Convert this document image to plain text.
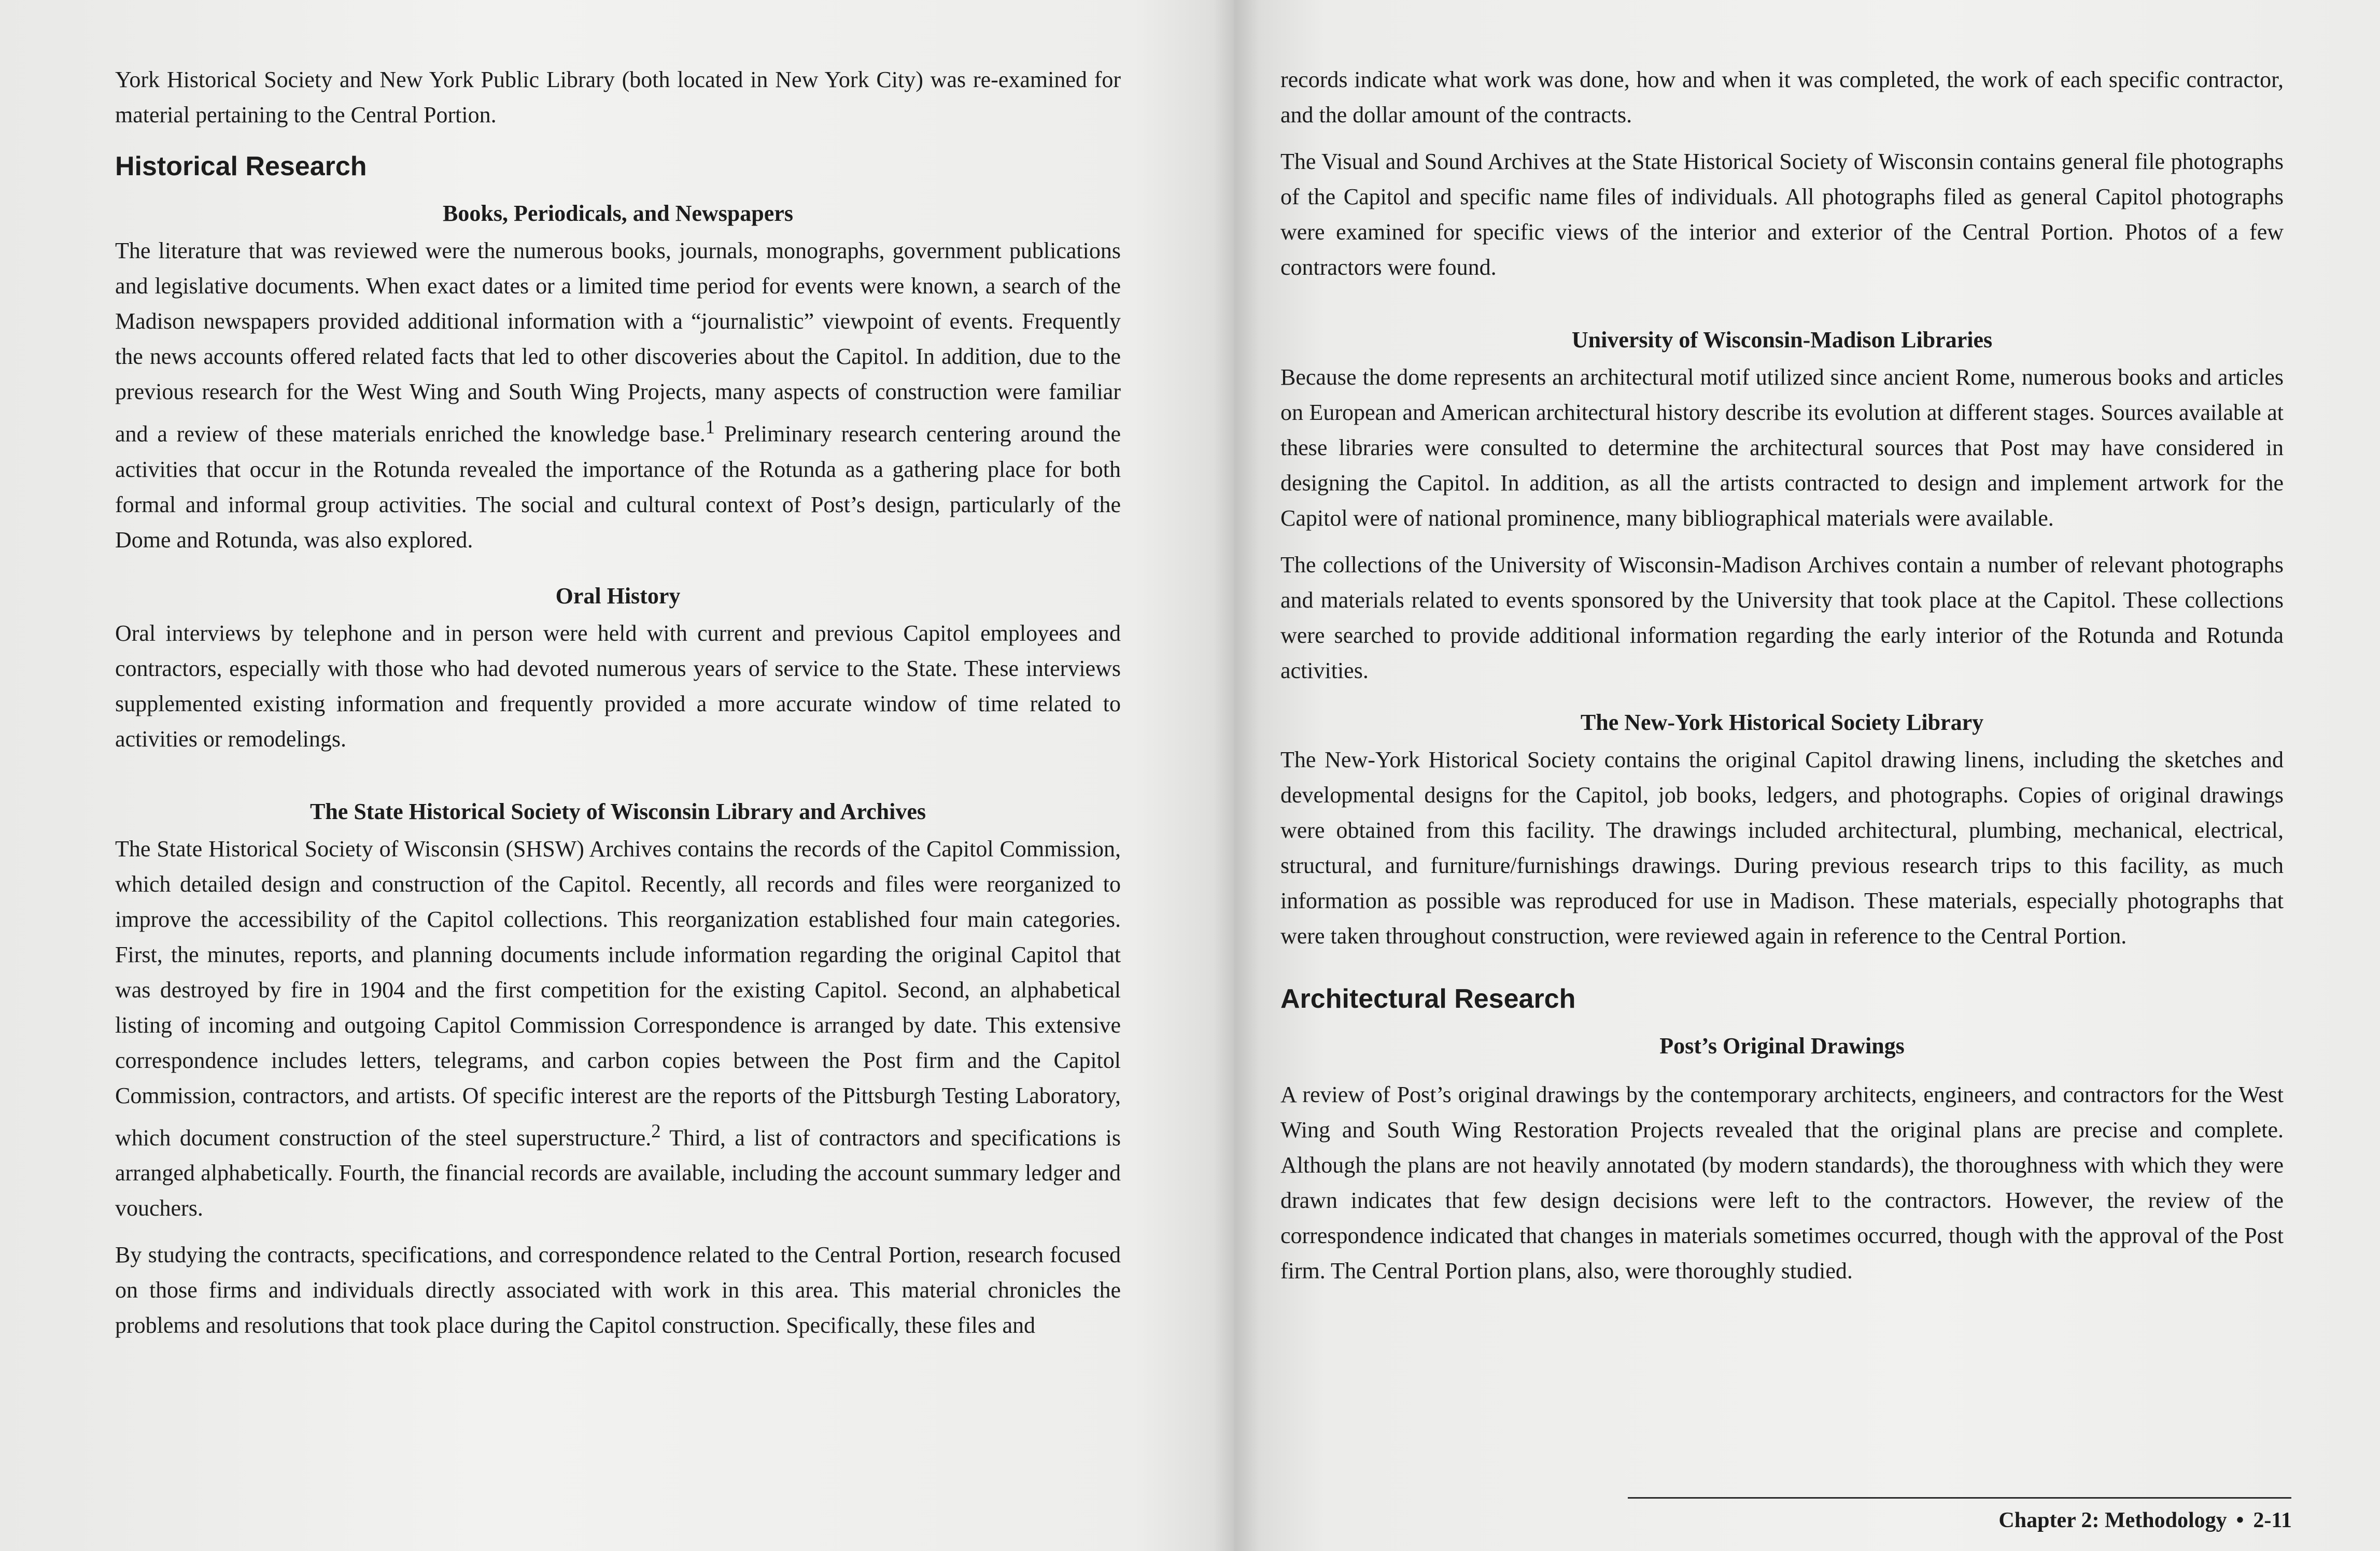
York Historical Society and New York Public Library (both located in New York City) was re-examined for material pertaining to the Central Portion.

Historical Research
Books, Periodicals, and Newspapers

The literature that was reviewed were the numerous books, journals, monographs, government publications and legislative documents. When exact dates or a limited time period for events were known, a search of the Madison newspapers provided additional information with a “journalistic” viewpoint of events. Frequently the news accounts offered related facts that led to other discoveries about the Capitol. In addition, due to the previous research for the West Wing and South Wing Projects, many aspects of construction were familiar and a review of these materials enriched the knowledge base.$^1$ Preliminary research centering around the activities that occur in the Rotunda revealed the importance of the Rotunda as a gathering place for both formal and informal group activities. The social and cultural context of Post’s design, particularly of the Dome and Rotunda, was also explored.

Oral History

Oral interviews by telephone and in person were held with current and previous Capitol employees and contractors, especially with those who had devoted numerous years of service to the State. These interviews supplemented existing information and frequently provided a more accurate window of time related to activities or remodelings.

The State Historical Society of Wisconsin Library and Archives

The State Historical Society of Wisconsin (SHSW) Archives contains the records of the Capitol Commission, which detailed design and construction of the Capitol. Recently, all records and files were reorganized to improve the accessibility of the Capitol collections. This reorganization established four main categories. First, the minutes, reports, and planning documents include information regarding the original Capitol that was destroyed by fire in 1904 and the first competition for the existing Capitol. Second, an alphabetical listing of incoming and outgoing Capitol Commission Correspondence is arranged by date. This extensive correspondence includes letters, telegrams, and carbon copies between the Post firm and the Capitol Commission, contractors, and artists. Of specific interest are the reports of the Pittsburgh Testing Laboratory, which document construction of the steel superstructure.$^2$ Third, a list of contractors and specifications is arranged alphabetically. Fourth, the financial records are available, including the account summary ledger and vouchers.

By studying the contracts, specifications, and correspondence related to the Central Portion, research focused on those firms and individuals directly associated with work in this area. This material chronicles the problems and resolutions that took place during the Capitol construction. Specifically, these files and

records indicate what work was done, how and when it was completed, the work of each specific contractor, and the dollar amount of the contracts.

The Visual and Sound Archives at the State Historical Society of Wisconsin contains general file photographs of the Capitol and specific name files of individuals. All photographs filed as general Capitol photographs were examined for specific views of the interior and exterior of the Central Portion. Photos of a few contractors were found.

University of Wisconsin-Madison Libraries

Because the dome represents an architectural motif utilized since ancient Rome, numerous books and articles on European and American architectural history describe its evolution at different stages. Sources available at these libraries were consulted to determine the architectural sources that Post may have considered in designing the Capitol. In addition, as all the artists contracted to design and implement artwork for the Capitol were of national prominence, many bibliographical materials were available.

The collections of the University of Wisconsin-Madison Archives contain a number of relevant photographs and materials related to events sponsored by the University that took place at the Capitol. These collections were searched to provide additional information regarding the early interior of the Rotunda and Rotunda activities.

The New-York Historical Society Library

The New-York Historical Society contains the original Capitol drawing linens, including the sketches and developmental designs for the Capitol, job books, ledgers, and photographs. Copies of original drawings were obtained from this facility. The drawings included architectural, plumbing, mechanical, electrical, structural, and furniture/furnishings drawings. During previous research trips to this facility, as much information as possible was reproduced for use in Madison. These materials, especially photographs that were taken throughout construction, were reviewed again in reference to the Central Portion.

Architectural Research
Post’s Original Drawings

A review of Post’s original drawings by the contemporary architects, engineers, and contractors for the West Wing and South Wing Restoration Projects revealed that the original plans are precise and complete. Although the plans are not heavily annotated (by modern standards), the thoroughness with which they were drawn indicates that few design decisions were left to the contractors. However, the review of the correspondence indicated that changes in materials sometimes occurred, though with the approval of the Post firm. The Central Portion plans, also, were thoroughly studied.

Chapter 2: Methodology • 2-11
